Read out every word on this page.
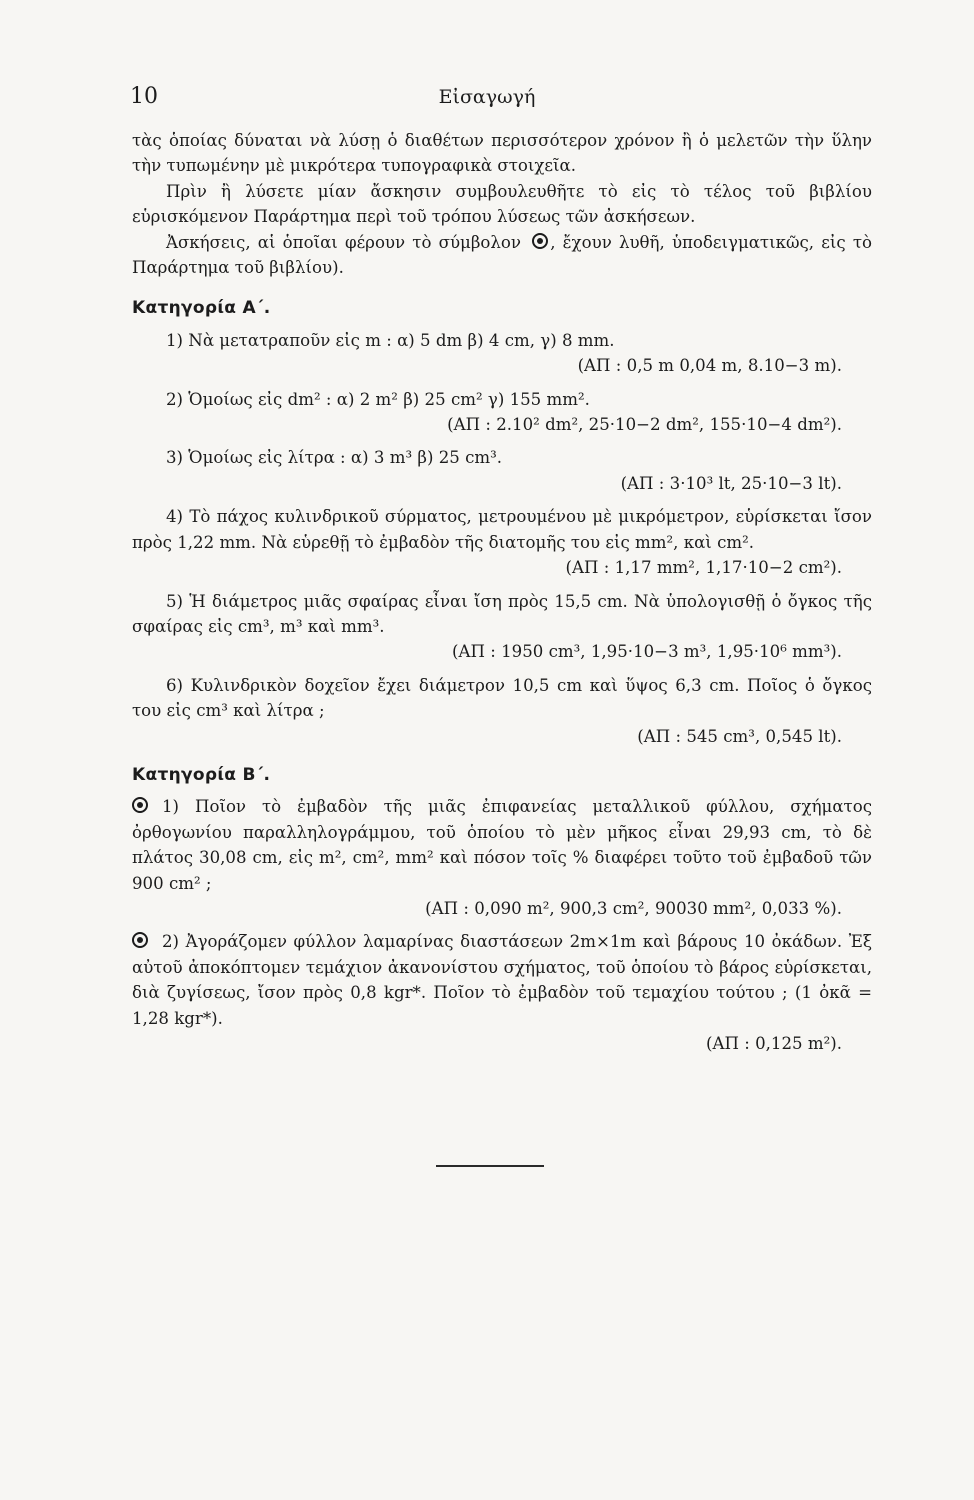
10	Εἰσαγωγή

τὰς ὁποίας δύναται νὰ λύσῃ ὁ διαθέτων περισσότερον χρόνον ἢ ὁ μελετῶν τὴν ὕλην τὴν τυπωμένην μὲ μικρότερα τυπογραφικὰ στοιχεῖα.

Πρὶν ἢ λύσετε μίαν ἄσκησιν συμβουλευθῆτε τὸ εἰς τὸ τέλος τοῦ βιβλίου εὑρισκόμενον Παράρτημα περὶ τοῦ τρόπου λύσεως τῶν ἀσκήσεων.

Ἀσκήσεις, αἱ ὁποῖαι φέρουν τὸ σύμβολον , ἔχουν λυθῆ, ὑποδειγματικῶς, εἰς τὸ Παράρτημα τοῦ βιβλίου).

Κατηγορία Α΄.

1) Νὰ μετατραποῦν εἰς m : α) 5 dm β) 4 cm, γ) 8 mm.

(ΑΠ : 0,5 m 0,04 m, 8.10−3 m).

2) Ὁμοίως εἰς dm² : α) 2 m² β) 25 cm² γ) 155 mm².

(ΑΠ : 2.10² dm², 25·10−2 dm², 155·10−4 dm²).

3) Ὁμοίως εἰς λίτρα : α) 3 m³ β) 25 cm³.

(ΑΠ : 3·10³ lt, 25·10−3 lt).

4) Τὸ πάχος κυλινδρικοῦ σύρματος, μετρουμένου μὲ μικρόμετρον, εὑρίσκεται ἴσον πρὸς 1,22 mm. Νὰ εὑρεθῇ τὸ ἐμβαδὸν τῆς διατομῆς του εἰς mm², καὶ cm².

(ΑΠ : 1,17 mm², 1,17·10−2 cm²).

5) Ἡ διάμετρος μιᾶς σφαίρας εἶναι ἴση πρὸς 15,5 cm. Νὰ ὑπολογισθῇ ὁ ὄγκος τῆς σφαίρας εἰς cm³, m³ καὶ mm³.

(ΑΠ : 1950 cm³, 1,95·10−3 m³, 1,95·10⁶ mm³).

6) Κυλινδρικὸν δοχεῖον ἔχει διάμετρον 10,5 cm καὶ ὕψος 6,3 cm. Ποῖος ὁ ὄγκος του εἰς cm³ καὶ λίτρα ;

(ΑΠ : 545 cm³, 0,545 lt).

Κατηγορία Β΄.

1) Ποῖον τὸ ἐμβαδὸν τῆς μιᾶς ἐπιφανείας μεταλλικοῦ φύλλου, σχήματος ὀρθογωνίου παραλληλογράμμου, τοῦ ὁποίου τὸ μὲν μῆκος εἶναι 29,93 cm, τὸ δὲ πλάτος 30,08 cm, εἰς m², cm², mm² καὶ πόσον τοῖς % διαφέρει τοῦτο τοῦ ἐμβαδοῦ τῶν 900 cm² ;

(ΑΠ : 0,090 m², 900,3 cm², 90030 mm², 0,033 %).

2) Ἀγοράζομεν φύλλον λαμαρίνας διαστάσεων 2m×1m καὶ βάρους 10 ὀκάδων. Ἐξ αὐτοῦ ἀποκόπτομεν τεμάχιον ἀκανονίστου σχήματος, τοῦ ὁποίου τὸ βάρος εὑρίσκεται, διὰ ζυγίσεως, ἴσον πρὸς 0,8 kgr*. Ποῖον τὸ ἐμβαδὸν τοῦ τεμαχίου τούτου ; (1 ὀκᾶ = 1,28 kgr*).

(ΑΠ : 0,125 m²).
